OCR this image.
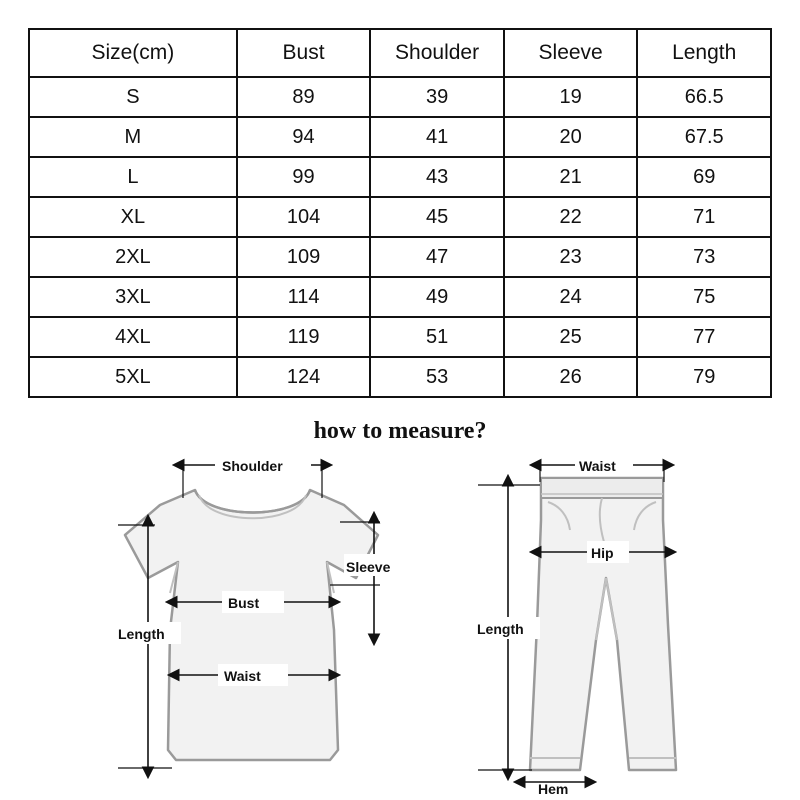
Size(cm)	Bust	Shoulder	Sleeve	Length
S	89	39	19	66.5
M	94	41	20	67.5
L	99	43	21	69
XL	104	45	22	71
2XL	109	47	23	73
3XL	114	49	24	75
4XL	119	51	25	77
5XL	124	53	26	79
how to measure?
Shoulder
Sleeve
Bust
Waist
Length
Waist
Hip
Length
Hem
